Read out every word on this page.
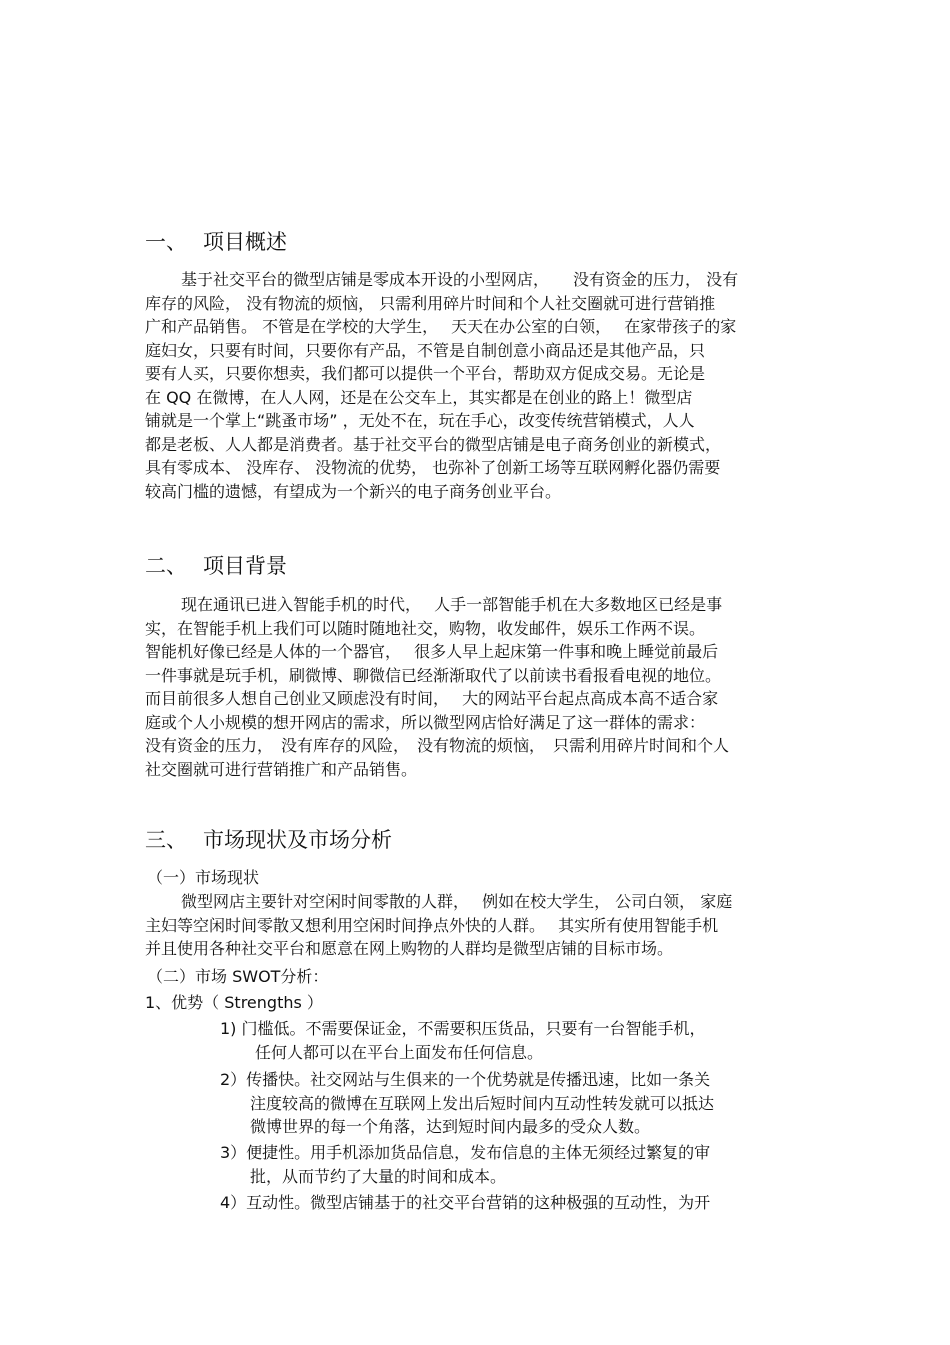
一、 项目概述
基于社交平台的微型店铺是零成本开设的小型网店，　　没有资金的压力， 没有
库存的风险， 没有物流的烦恼， 只需利用碎片时间和个人社交圈就可进行营销推
广和产品销售。 不管是在学校的大学生，　 天天在办公室的白领，　 在家带孩子的家
庭妇女，只要有时间，只要你有产品，不管是自制创意小商品还是其他产品，只
要有人买，只要你想卖，我们都可以提供一个平台，帮助双方促成交易。无论是
在 QQ 在微博，在人人网，还是在公交车上，其实都是在创业的路上！微型店
铺就是一个掌上“跳蚤市场” ，无处不在，玩在手心，改变传统营销模式，人人
都是老板、人人都是消费者。基于社交平台的微型店铺是电子商务创业的新模式，
具有零成本、 没库存、 没物流的优势， 也弥补了创新工场等互联网孵化器仍需要
较高门槛的遗憾，有望成为一个新兴的电子商务创业平台。
二、 项目背景
现在通讯已进入智能手机的时代，　 人手一部智能手机在大多数地区已经是事
实，在智能手机上我们可以随时随地社交，购物，收发邮件，娱乐工作两不误。
智能机好像已经是人体的一个器官，　 很多人早上起床第一件事和晚上睡觉前最后
一件事就是玩手机，刷微博、聊微信已经渐渐取代了以前读书看报看电视的地位。
而目前很多人想自己创业又顾虑没有时间，　 大的网站平台起点高成本高不适合家
庭或个人小规模的想开网店的需求，所以微型网店恰好满足了这一群体的需求：
没有资金的压力，　没有库存的风险，　没有物流的烦恼，　只需利用碎片时间和个人
社交圈就可进行营销推广和产品销售。
三、 市场现状及市场分析
（一）市场现状
微型网店主要针对空闲时间零散的人群，　 例如在校大学生， 公司白领， 家庭
主妇等空闲时间零散又想利用空闲时间挣点外快的人群。　 其实所有使用智能手机
并且使用各种社交平台和愿意在网上购物的人群均是微型店铺的目标市场。
（二）市场 SWOT分析：
1、优势（ Strengths ）
1) 门槛低。不需要保证金，不需要积压货品，只要有一台智能手机，
任何人都可以在平台上面发布任何信息。
2）传播快。社交网站与生俱来的一个优势就是传播迅速，比如一条关
注度较高的微博在互联网上发出后短时间内互动性转发就可以抵达
微博世界的每一个角落，达到短时间内最多的受众人数。
3）便捷性。用手机添加货品信息，发布信息的主体无须经过繁复的审
批，从而节约了大量的时间和成本。
4）互动性。微型店铺基于的社交平台营销的这种极强的互动性，为开
